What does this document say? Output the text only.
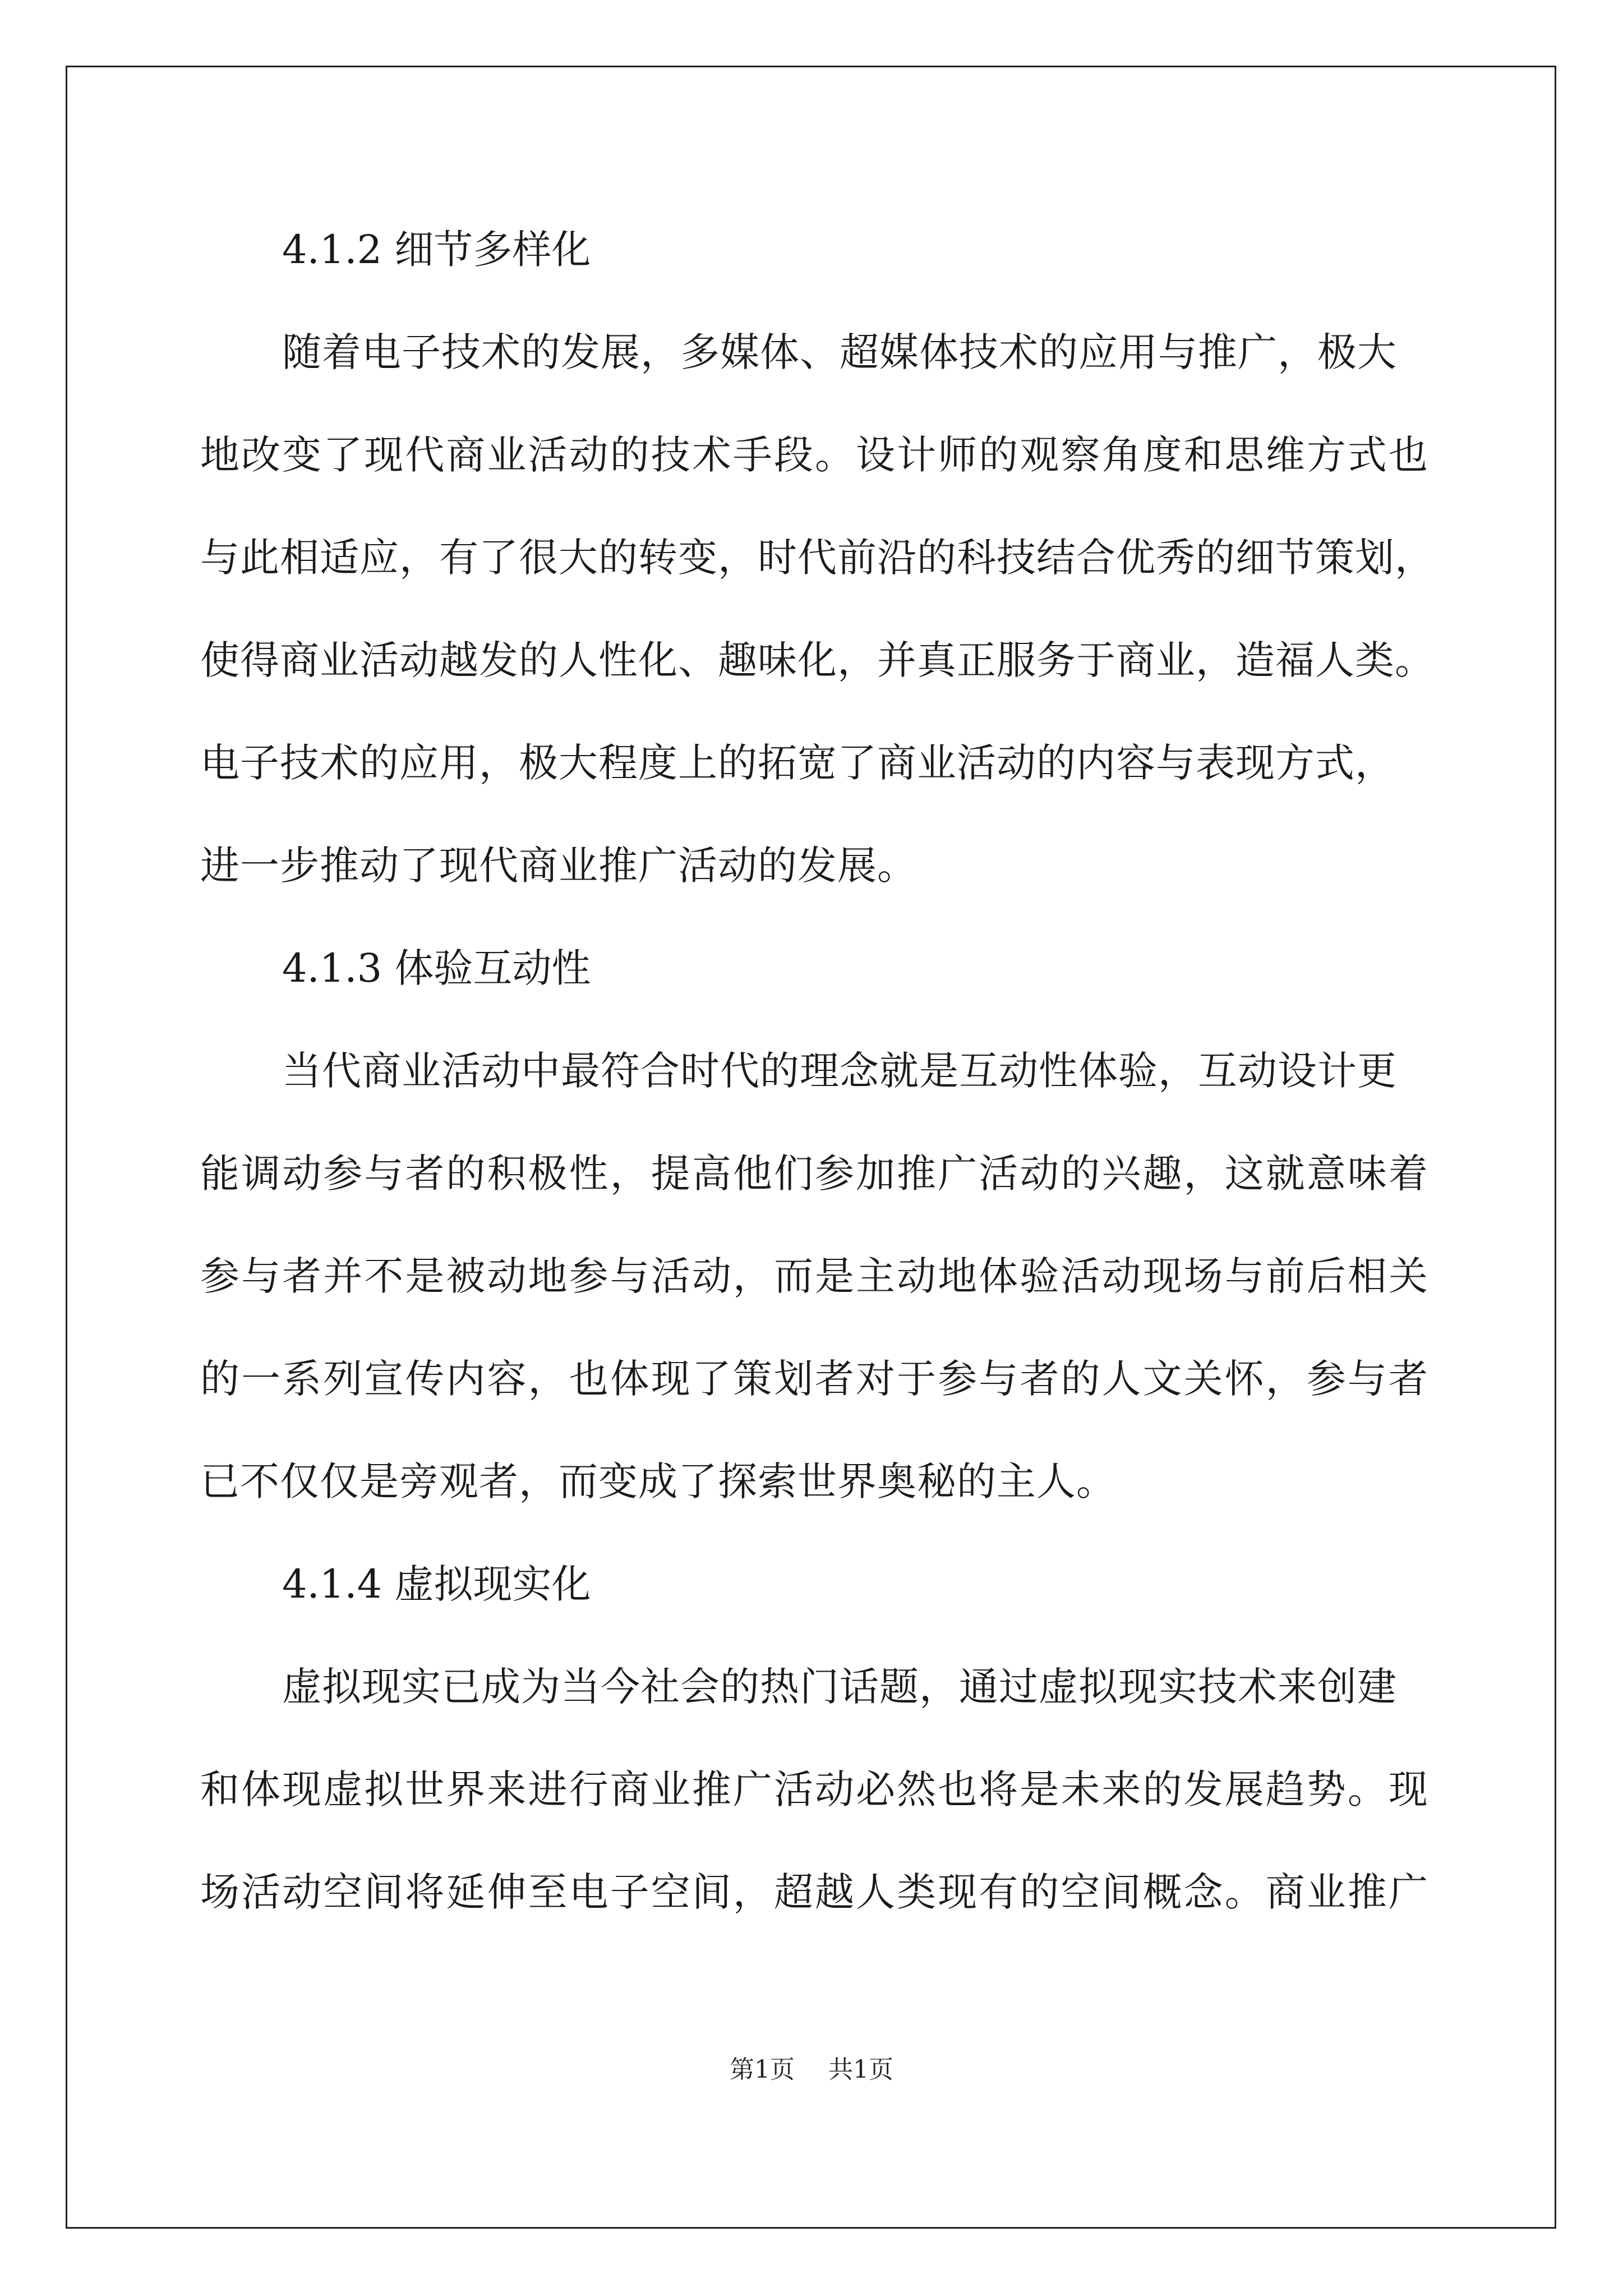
4.1.2 细节多样化
随着电子技术的发展，多媒体、超媒体技术的应用与推广，极大
地改变了现代商业活动的技术手段。设计师的观察角度和思维方式也
与此相适应，有了很大的转变，时代前沿的科技结合优秀的细节策划，
使得商业活动越发的人性化、趣味化，并真正服务于商业，造福人类。
电子技术的应用，极大程度上的拓宽了商业活动的内容与表现方式，
进一步推动了现代商业推广活动的发展。
4.1.3 体验互动性
当代商业活动中最符合时代的理念就是互动性体验，互动设计更
能调动参与者的积极性，提高他们参加推广活动的兴趣，这就意味着
参与者并不是被动地参与活动，而是主动地体验活动现场与前后相关
的一系列宣传内容，也体现了策划者对于参与者的人文关怀，参与者
已不仅仅是旁观者，而变成了探索世界奥秘的主人。
4.1.4 虚拟现实化
虚拟现实已成为当今社会的热门话题，通过虚拟现实技术来创建
和体现虚拟世界来进行商业推广活动必然也将是未来的发展趋势。现
场活动空间将延伸至电子空间，超越人类现有的空间概念。商业推广
第1页 共1页
